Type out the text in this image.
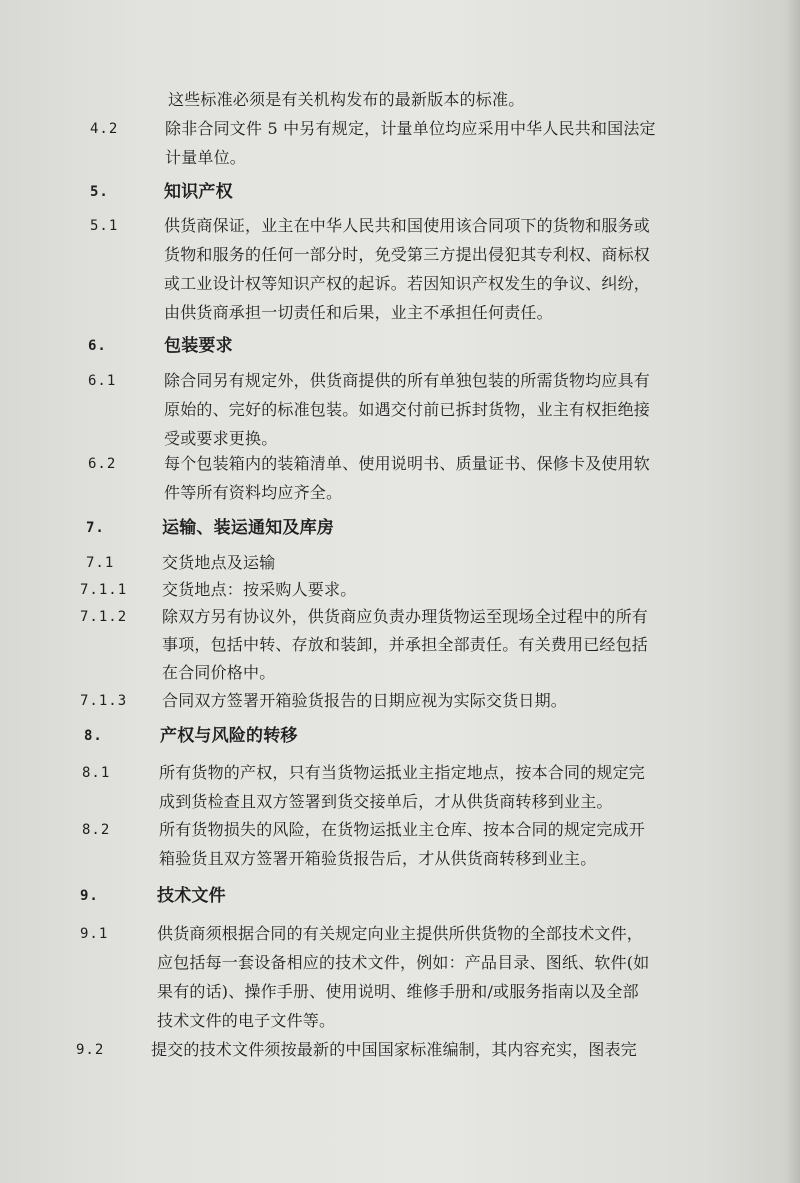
这些标准必须是有关机构发布的最新版本的标准。
4.2	除非合同文件 5 中另有规定，计量单位均应采用中华人民共和国法定
计量单位。
5.	知识产权
5.1	供货商保证，业主在中华人民共和国使用该合同项下的货物和服务或
货物和服务的任何一部分时，免受第三方提出侵犯其专利权、商标权
或工业设计权等知识产权的起诉。若因知识产权发生的争议、纠纷，
由供货商承担一切责任和后果，业主不承担任何责任。
6.	包装要求
6.1	除合同另有规定外，供货商提供的所有单独包装的所需货物均应具有
原始的、完好的标准包装。如遇交付前已拆封货物，业主有权拒绝接
受或要求更换。
6.2	每个包装箱内的装箱清单、使用说明书、质量证书、保修卡及使用软
件等所有资料均应齐全。
7.	运输、装运通知及库房
7.1	交货地点及运输
7.1.1 交货地点：按采购人要求。
7.1.2 除双方另有协议外，供货商应负责办理货物运至现场全过程中的所有
事项，包括中转、存放和装卸，并承担全部责任。有关费用已经包括
在合同价格中。
7.1.3 合同双方签署开箱验货报告的日期应视为实际交货日期。
8.	产权与风险的转移
8.1	所有货物的产权，只有当货物运抵业主指定地点，按本合同的规定完
成到货检查且双方签署到货交接单后，才从供货商转移到业主。
8.2	所有货物损失的风险，在货物运抵业主仓库、按本合同的规定完成开
箱验货且双方签署开箱验货报告后，才从供货商转移到业主。
9.	技术文件
9.1	供货商须根据合同的有关规定向业主提供所供货物的全部技术文件，
应包括每一套设备相应的技术文件，例如：产品目录、图纸、软件(如
果有的话)、操作手册、使用说明、维修手册和/或服务指南以及全部
技术文件的电子文件等。
9.2	提交的技术文件须按最新的中国国家标准编制，其内容充实，图表完
